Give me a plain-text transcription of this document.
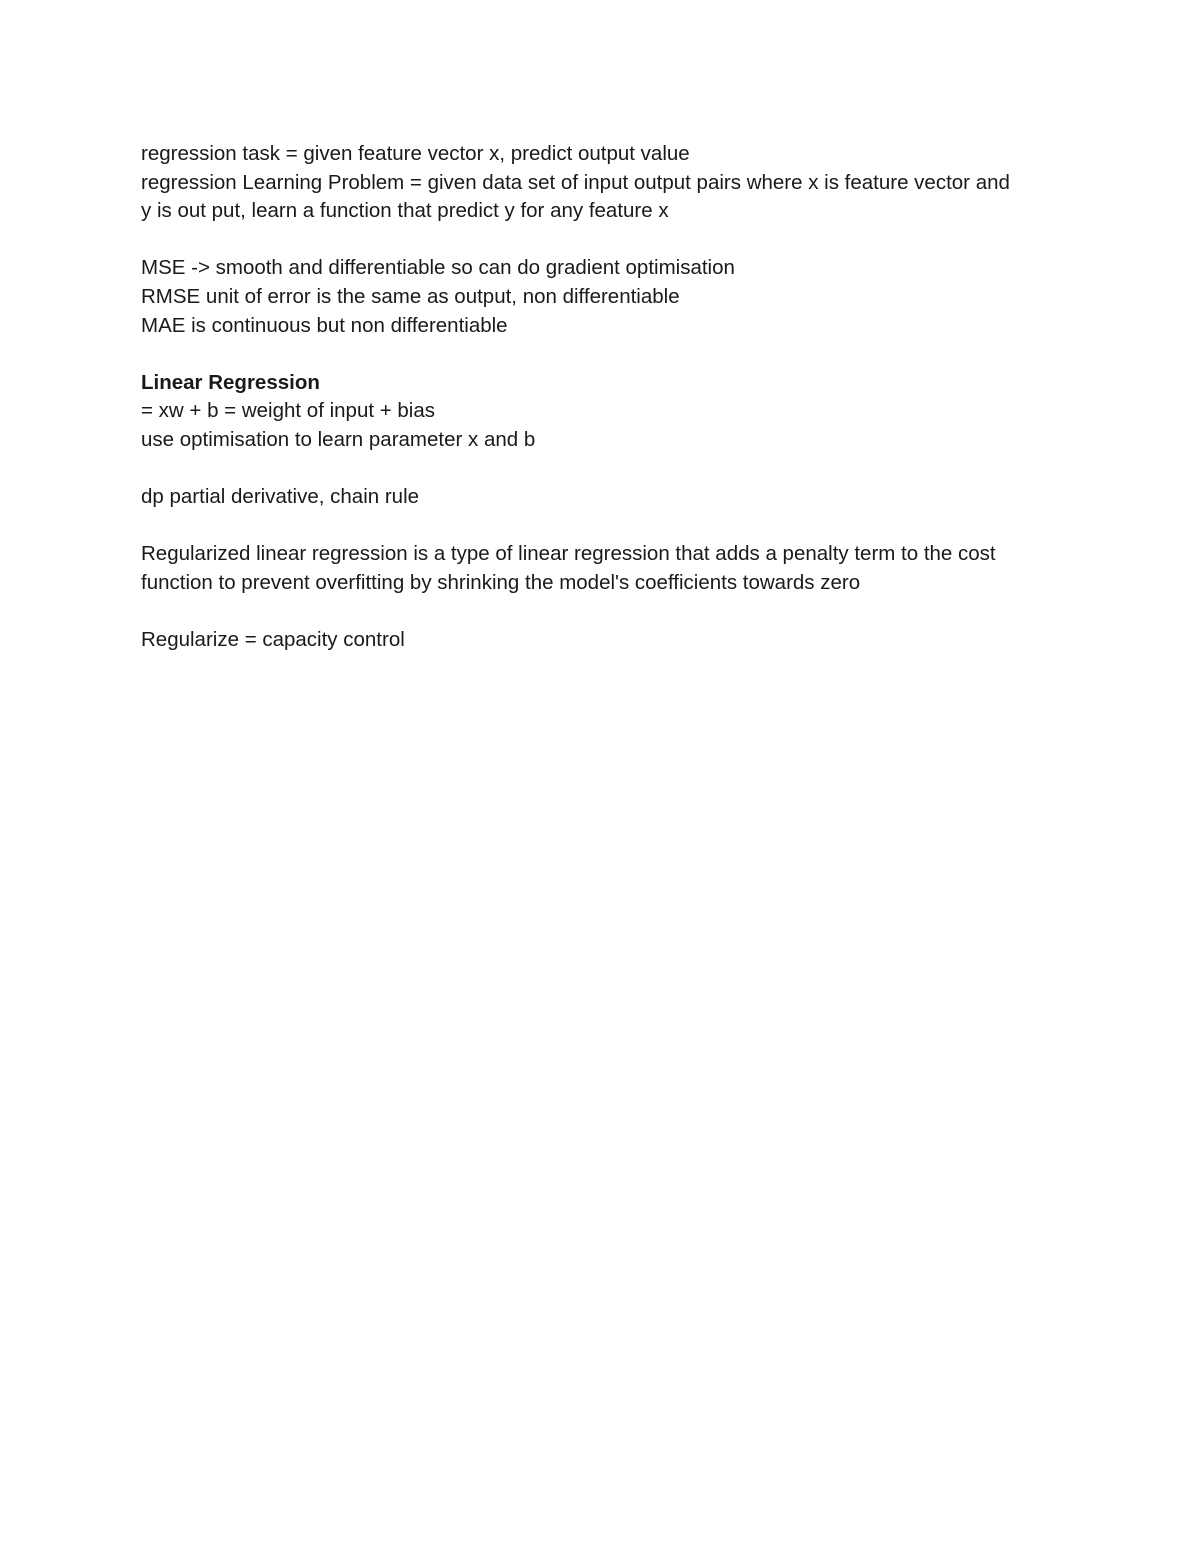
regression task = given feature vector x, predict output value
regression Learning Problem = given data set of input output pairs where x is feature vector and
y is out put, learn a function that predict y for any feature x
MSE -> smooth and differentiable so can do gradient optimisation
RMSE unit of error is the same as output, non differentiable
MAE is continuous but non differentiable
Linear Regression
= xw + b = weight of input + bias
use optimisation to learn parameter x and b
dp partial derivative, chain rule
Regularized linear regression is a type of linear regression that adds a penalty term to the cost
function to prevent overfitting by shrinking the model's coefficients towards zero
Regularize = capacity control
